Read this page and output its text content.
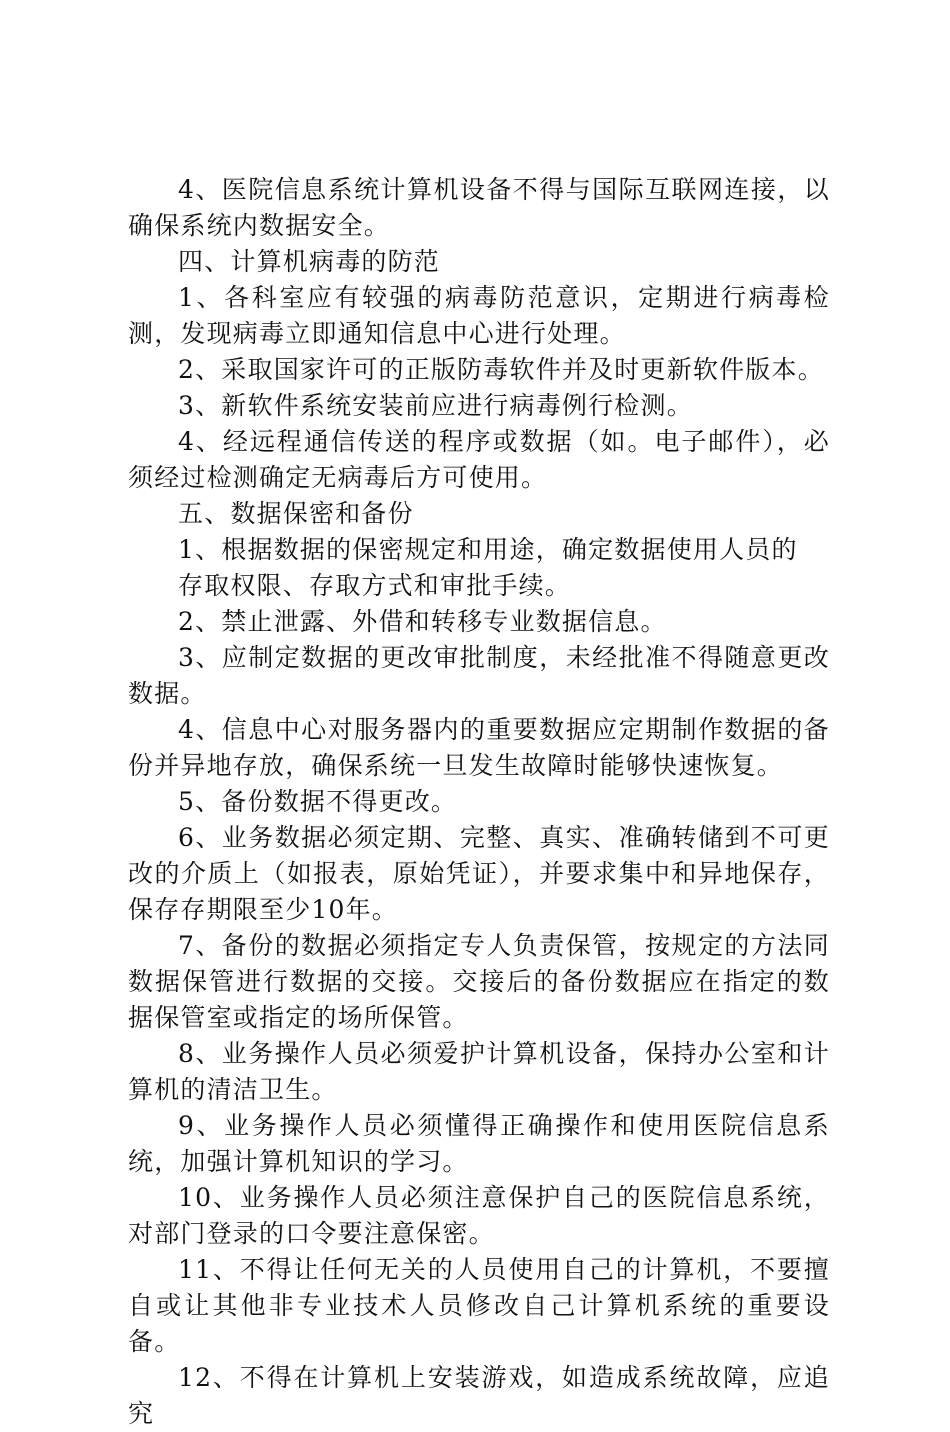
4、医院信息系统计算机设备不得与国际互联网连接，以确保系统内数据安全。

四、计算机病毒的防范

1、各科室应有较强的病毒防范意识，定期进行病毒检测，发现病毒立即通知信息中心进行处理。

2、采取国家许可的正版防毒软件并及时更新软件版本。

3、新软件系统安装前应进行病毒例行检测。

4、经远程通信传送的程序或数据（如。电子邮件），必须经过检测确定无病毒后方可使用。

五、数据保密和备份

1、根据数据的保密规定和用途，确定数据使用人员的

存取权限、存取方式和审批手续。

2、禁止泄露、外借和转移专业数据信息。

3、应制定数据的更改审批制度，未经批准不得随意更改数据。

4、信息中心对服务器内的重要数据应定期制作数据的备份并异地存放，确保系统一旦发生故障时能够快速恢复。

5、备份数据不得更改。

6、业务数据必须定期、完整、真实、准确转储到不可更改的介质上（如报表，原始凭证），并要求集中和异地保存，保存存期限至少10年。

7、备份的数据必须指定专人负责保管，按规定的方法同数据保管进行数据的交接。交接后的备份数据应在指定的数据保管室或指定的场所保管。

8、业务操作人员必须爱护计算机设备，保持办公室和计算机的清洁卫生。

9、业务操作人员必须懂得正确操作和使用医院信息系统，加强计算机知识的学习。

10、业务操作人员必须注意保护自己的医院信息系统，对部门登录的口令要注意保密。

11、不得让任何无关的人员使用自己的计算机，不要擅自或让其他非专业技术人员修改自己计算机系统的重要设备。

12、不得在计算机上安装游戏，如造成系统故障，应追究
